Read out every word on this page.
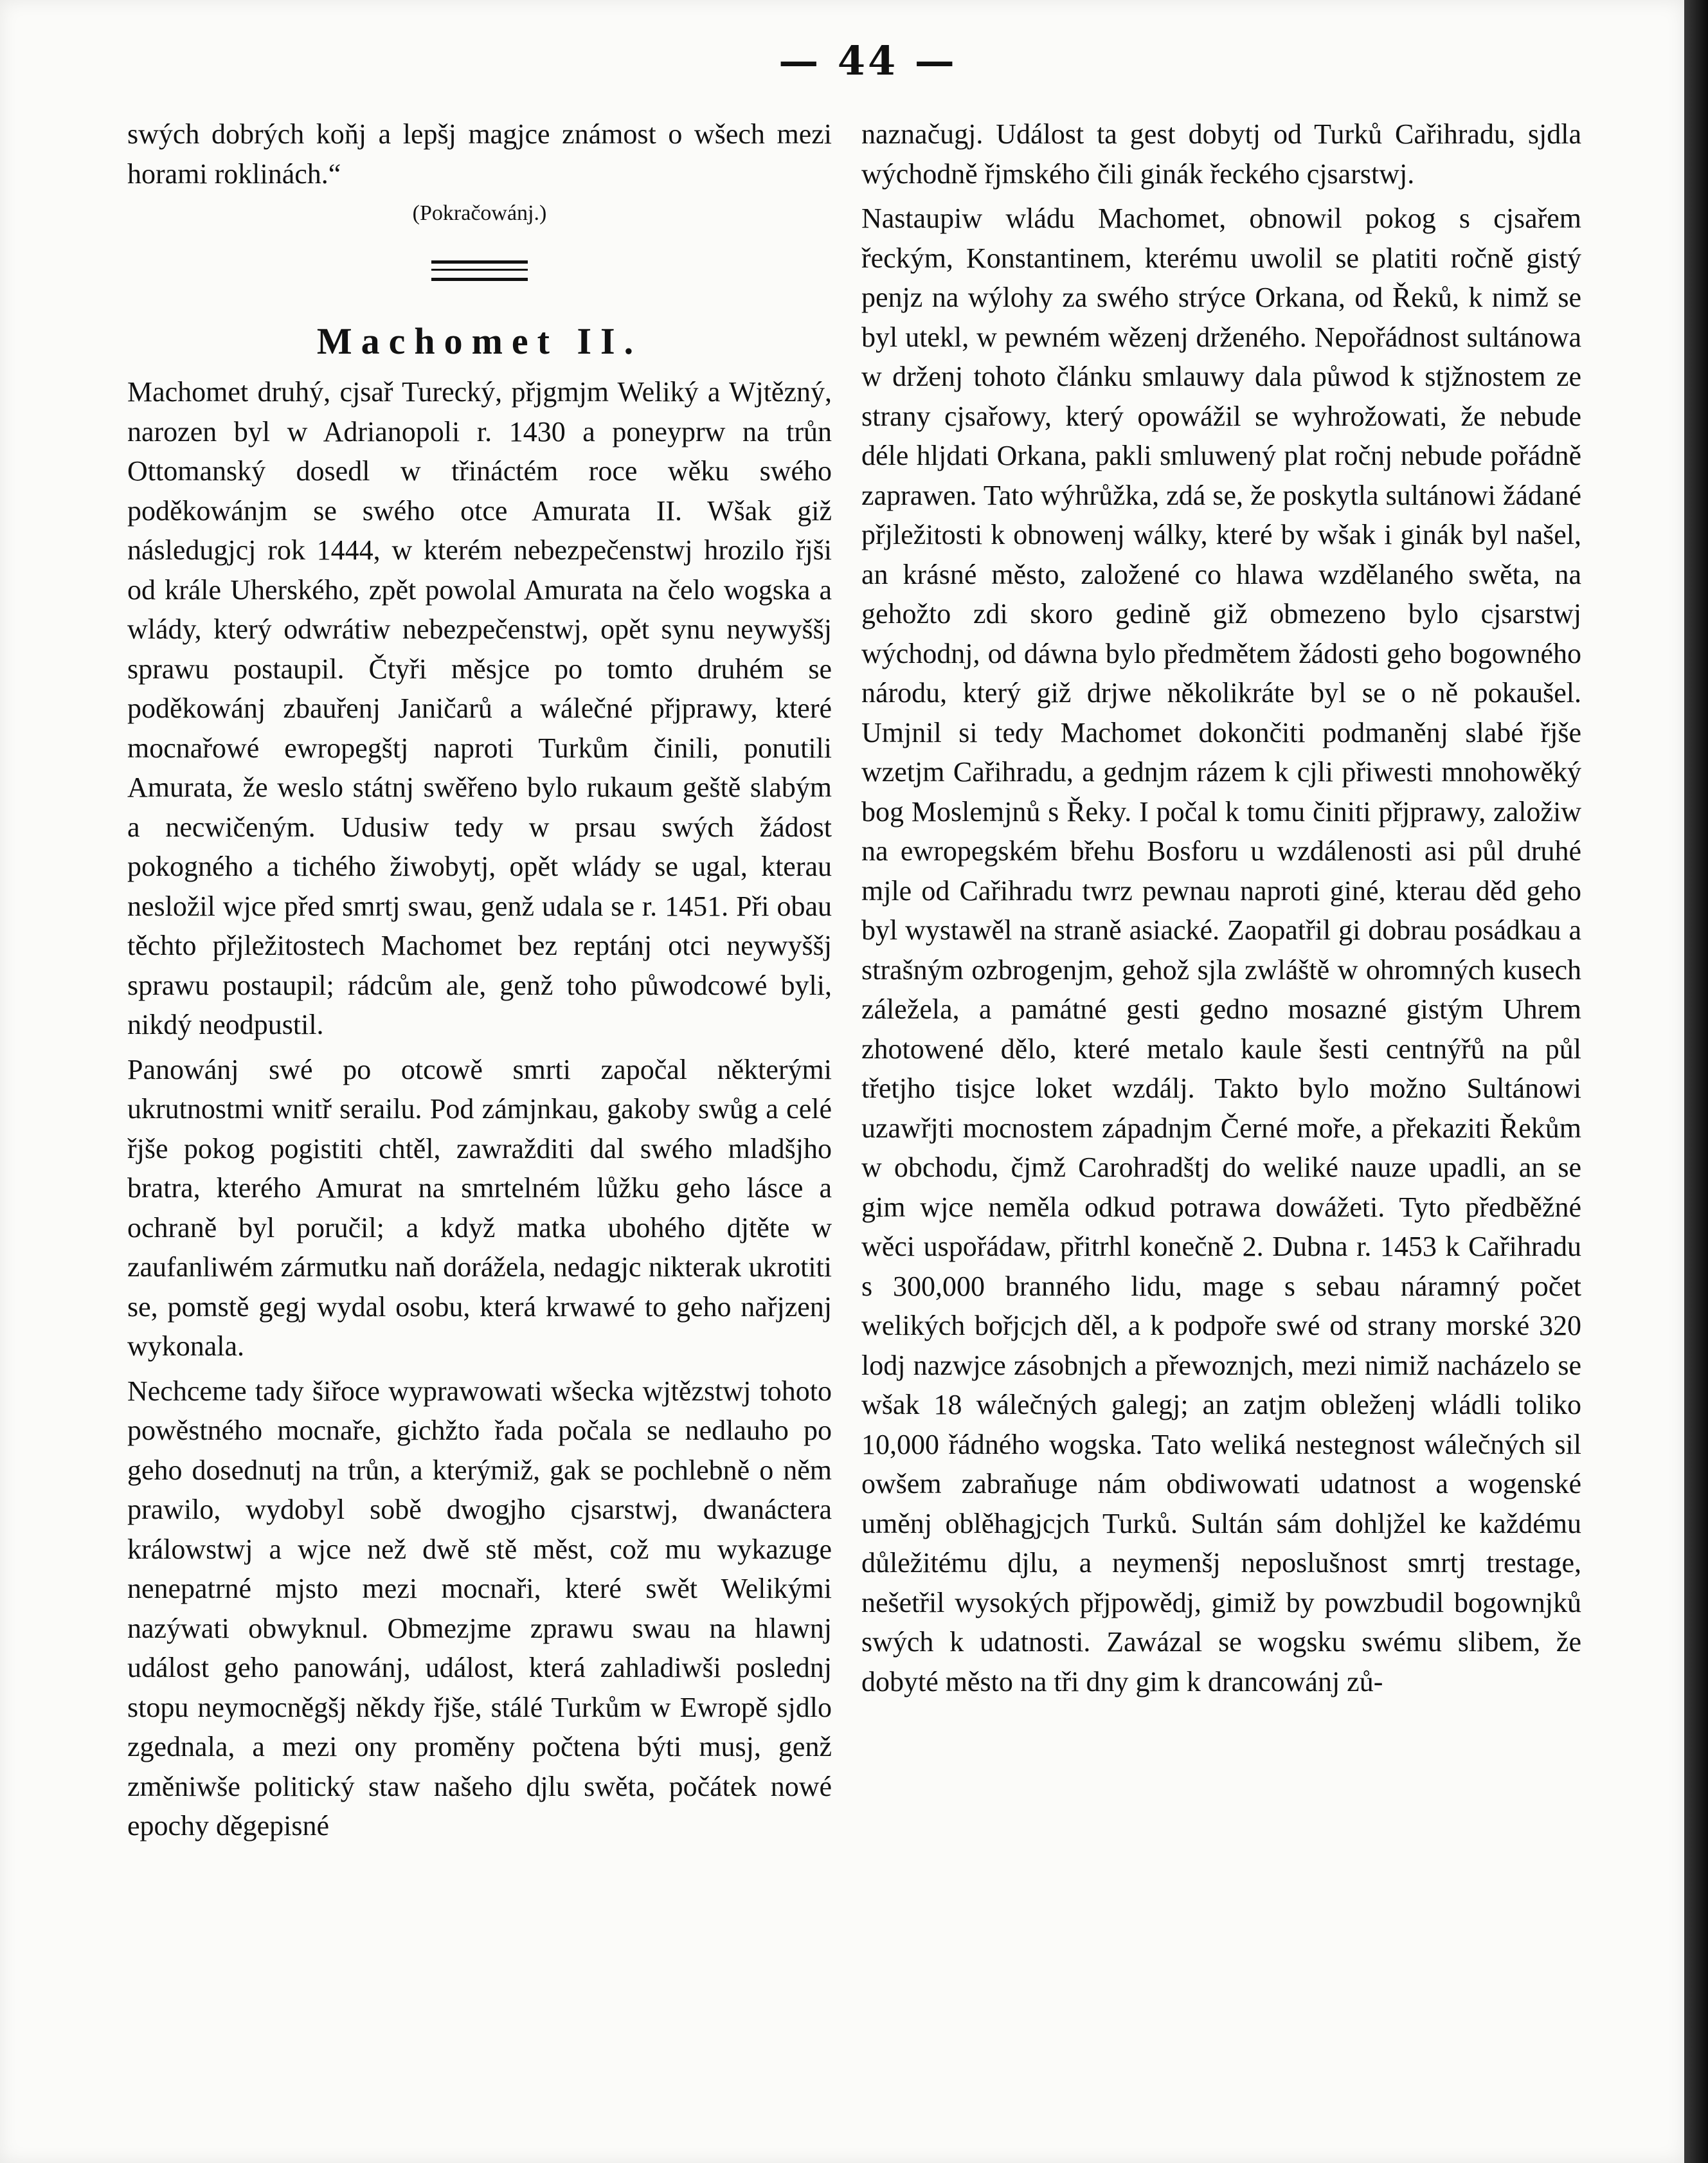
— 44 —

swých dobrých koňj a lepšj magjce známost o wšech mezi horami roklinách.“

(Pokračowánj.)

Machomet II.

Machomet druhý, cjsař Turecký, přjgmjm Weliký a Wjtězný, narozen byl w Adrianopoli r. 1430 a poneyprw na trůn Ottomanský dosedl w třináctém roce wěku swého poděkowánjm se swého otce Amurata II. Wšak giž následugjcj rok 1444, w kterém nebezpečenstwj hrozilo řjši od krále Uherského, zpět powolal Amurata na čelo wogska a wlády, který odwrátiw nebezpečenstwj, opět synu neywyššj sprawu postaupil. Čtyři měsjce po tomto druhém se poděkowánj zbauřenj Janičarů a wálečné přjprawy, které mocnařowé ewropegštj naproti Turkům činili, ponutili Amurata, že weslo státnj swěřeno bylo rukaum geště slabým a necwičeným. Udusiw tedy w prsau swých žádost pokogného a tichého žiwobytj, opět wlády se ugal, kterau nesložil wjce před smrtj swau, genž udala se r. 1451. Při obau těchto přjležitostech Machomet bez reptánj otci neywyššj sprawu postaupil; rádcům ale, genž toho půwodcowé byli, nikdý neodpustil.

Panowánj swé po otcowě smrti započal některými ukrutnostmi wnitř serailu. Pod zámjnkau, gakoby swůg a celé řjše pokog pogistiti chtěl, zawražditi dal swého mladšjho bratra, kterého Amurat na smrtelném lůžku geho lásce a ochraně byl poručil; a když matka ubohého djtěte w zaufanliwém zármutku naň dorážela, nedagjc nikterak ukrotiti se, pomstě gegj wydal osobu, která krwawé to geho nařjzenj wykonala.

Nechceme tady šiřoce wyprawowati wšecka wjtězstwj tohoto powěstného mocnaře, gichžto řada počala se nedlauho po geho dosednutj na trůn, a kterýmiž, gak se pochlebně o něm prawilo, wydobyl sobě dwogjho cjsarstwj, dwanáctera králowstwj a wjce než dwě stě měst, což mu wykazuge nenepatrné mjsto mezi mocnaři, které swět Welikými nazýwati obwyknul. Obmezjme zprawu swau na hlawnj událost geho panowánj, událost, která zahladiwši poslednj stopu neymocněgšj někdy řjše, stálé Turkům w Ewropě sjdlo zgednala, a mezi ony proměny počtena býti musj, genž změniwše politický staw našeho djlu swěta, počátek nowé epochy děgepisné

naznačugj. Událost ta gest dobytj od Turků Cařihradu, sjdla wýchodně řjmského čili ginák řeckého cjsarstwj.

Nastaupiw wládu Machomet, obnowil pokog s cjsařem řeckým, Konstantinem, kterému uwolil se platiti ročně gistý penjz na wýlohy za swého strýce Orkana, od Řeků, k nimž se byl utekl, w pewném wězenj drženého. Nepořádnost sultánowa w drženj tohoto článku smlauwy dala půwod k stjžnostem ze strany cjsařowy, který opowážil se wyhrožowati, že nebude déle hljdati Orkana, pakli smluwený plat ročnj nebude pořádně zaprawen. Tato wýhrůžka, zdá se, že poskytla sultánowi žádané přjležitosti k obnowenj wálky, které by wšak i ginák byl našel, an krásné město, založené co hlawa wzdělaného swěta, na gehožto zdi skoro gedině giž obmezeno bylo cjsarstwj wýchodnj, od dáwna bylo předmětem žádosti geho bogowného národu, který giž drjwe několikráte byl se o ně pokaušel. Umjnil si tedy Machomet dokončiti podmaněnj slabé řjše wzetjm Cařihradu, a gednjm rázem k cjli přiwesti mnohowěký bog Moslemjnů s Řeky. I počal k tomu činiti přjprawy, založiw na ewropegském břehu Bosforu u wzdálenosti asi půl druhé mjle od Cařihradu twrz pewnau naproti giné, kterau děd geho byl wystawěl na straně asiacké. Zaopatřil gi dobrau posádkau a strašným ozbrogenjm, gehož sjla zwláště w ohromných kusech záležela, a památné gesti gedno mosazné gistým Uhrem zhotowené dělo, které metalo kaule šesti centnýřů na půl třetjho tisjce loket wzdálj. Takto bylo možno Sultánowi uzawřjti mocnostem západnjm Černé moře, a překaziti Řekům w obchodu, čjmž Carohradštj do weliké nauze upadli, an se gim wjce neměla odkud potrawa dowážeti. Tyto předběžné wěci uspořádaw, přitrhl konečně 2. Dubna r. 1453 k Cařihradu s 300,000 branného lidu, mage s sebau náramný počet welikých bořjcjch děl, a k podpoře swé od strany morské 320 lodj nazwjce zásobnjch a přewoznjch, mezi nimiž nacházelo se wšak 18 wálečných galegj; an zatjm obleženj wládli toliko 10,000 řádného wogska. Tato weliká nestegnost wálečných sil owšem zabraňuge nám obdiwowati udatnost a wogenské uměnj oblěhagjcjch Turků. Sultán sám dohljžel ke každému důležitému djlu, a neymenšj neposlušnost smrtj trestage, nešetřil wysokých přjpowědj, gimiž by powzbudil bogownjků swých k udatnosti. Zawázal se wogsku swému slibem, že dobyté město na tři dny gim k drancowánj zů-
